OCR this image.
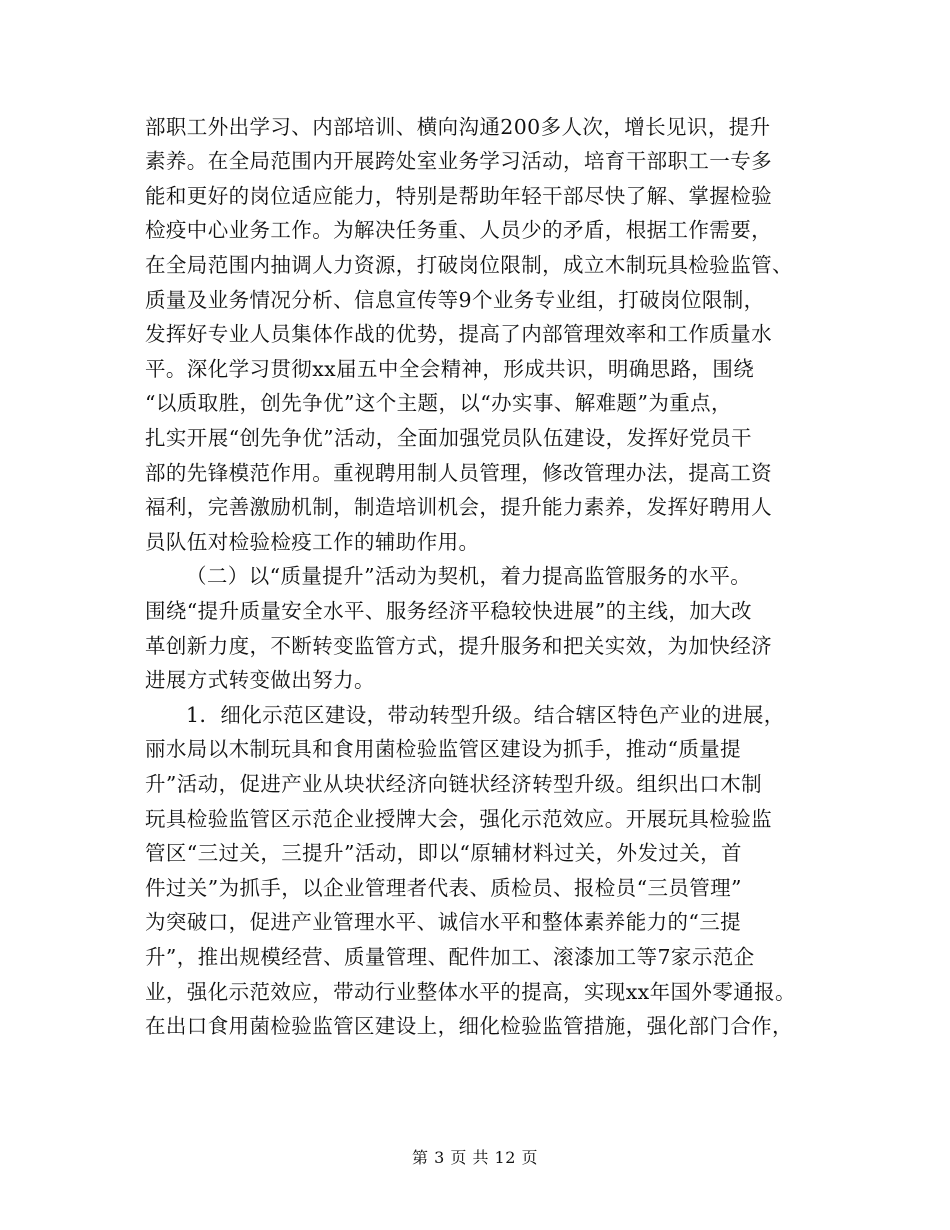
部职工外出学习、内部培训、横向沟通200多人次，增长见识，提升
素养。在全局范围内开展跨处室业务学习活动，培育干部职工一专多
能和更好的岗位适应能力，特别是帮助年轻干部尽快了解、掌握检验
检疫中心业务工作。为解决任务重、人员少的矛盾，根据工作需要，
在全局范围内抽调人力资源，打破岗位限制，成立木制玩具检验监管、
质量及业务情况分析、信息宣传等9个业务专业组，打破岗位限制，
发挥好专业人员集体作战的优势，提高了内部管理效率和工作质量水
平。深化学习贯彻xx届五中全会精神，形成共识，明确思路，围绕
“以质取胜，创先争优”这个主题，以“办实事、解难题”为重点，
扎实开展“创先争优”活动，全面加强党员队伍建设，发挥好党员干
部的先锋模范作用。重视聘用制人员管理，修改管理办法，提高工资
福利，完善激励机制，制造培训机会，提升能力素养，发挥好聘用人
员队伍对检验检疫工作的辅助作用。
（二）以“质量提升”活动为契机，着力提高监管服务的水平。
围绕“提升质量安全水平、服务经济平稳较快进展”的主线，加大改
革创新力度，不断转变监管方式，提升服务和把关实效，为加快经济
进展方式转变做出努力。
1．细化示范区建设，带动转型升级。结合辖区特色产业的进展，
丽水局以木制玩具和食用菌检验监管区建设为抓手，推动“质量提
升”活动，促进产业从块状经济向链状经济转型升级。组织出口木制
玩具检验监管区示范企业授牌大会，强化示范效应。开展玩具检验监
管区“三过关，三提升”活动，即以“原辅材料过关，外发过关，首
件过关”为抓手，以企业管理者代表、质检员、报检员“三员管理”
为突破口，促进产业管理水平、诚信水平和整体素养能力的“三提
升”，推出规模经营、质量管理、配件加工、滚漆加工等7家示范企
业，强化示范效应，带动行业整体水平的提高，实现xx年国外零通报。
在出口食用菌检验监管区建设上，细化检验监管措施，强化部门合作，
第 3 页 共 12 页
